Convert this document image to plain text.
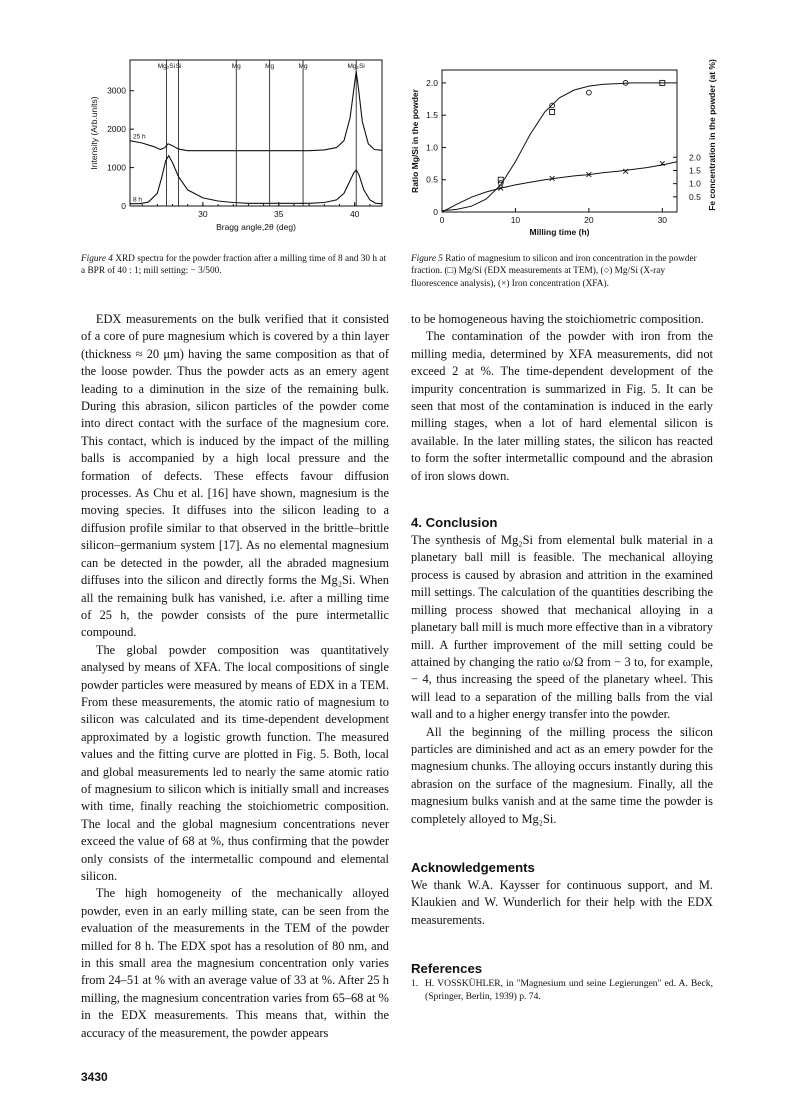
Mg₂Si Si	Mg	Mg	Mg	Mg₂Si
30	35	40
0
1000
2000
3000
25 h
8 h
Bragg angle,2θ (deg)
Intensity (Arb.units)
Figure 4 XRD spectra for the powder fraction after a milling time of 8 and 30 h at a BPR of 40 : 1; mill setting: − 3/500.
0	10	20	30
0
0.5
1.0
1.5
2.0
0.5
1.0
1.5
2.0
Milling time (h)
Ratio Mg/Si in the powder	Fe concentration in the powder (at %)
Figure 5 Ratio of magnesium to silicon and iron concentration in the powder fraction. (□) Mg/Si (EDX measurements at TEM), (○) Mg/Si (X-ray fluorescence analysis), (×) Iron concentration (XFA).

EDX measurements on the bulk verified that it consisted of a core of pure magnesium which is covered by a thin layer (thickness ≈ 20 μm) having the same composition as that of the loose powder. Thus the powder acts as an emery agent leading to a diminution in the size of the remaining bulk. During this abrasion, silicon particles of the powder come into direct contact with the surface of the magnesium core. This contact, which is induced by the impact of the milling balls is accompanied by a high local pressure and the formation of defects. These effects favour diffusion processes. As Chu et al. [16] have shown, magnesium is the moving species. It diffuses into the silicon leading to a diffusion profile similar to that observed in the brittle–brittle silicon–germanium system [17]. As no elemental magnesium can be detected in the powder, all the abraded magnesium diffuses into the silicon and directly forms the Mg₂Si. When all the remaining bulk has vanished, i.e. after a milling time of 25 h, the powder consists of the pure intermetallic compound.

The global powder composition was quantitatively analysed by means of XFA. The local compositions of single powder particles were measured by means of EDX in a TEM. From these measurements, the atomic ratio of magnesium to silicon was calculated and its time-dependent development approximated by a logistic growth function. The measured values and the fitting curve are plotted in Fig. 5. Both, local and global measurements led to nearly the same atomic ratio of magnesium to silicon which is initially small and increases with time, finally reaching the stoichiometric composition. The local and the global magnesium concentrations never exceed the value of 68 at %, thus confirming that the powder only consists of the intermetallic compound and elemental silicon.

The high homogeneity of the mechanically alloyed powder, even in an early milling state, can be seen from the evaluation of the measurements in the TEM of the powder milled for 8 h. The EDX spot has a resolution of 80 nm, and in this small area the magnesium concentration only varies from 24–51 at % with an average value of 33 at %. After 25 h milling, the magnesium concentration varies from 65–68 at % in the EDX measurements. This means that, within the accuracy of the measurement, the powder appears

to be homogeneous having the stoichiometric composition.

The contamination of the powder with iron from the milling media, determined by XFA measurements, did not exceed 2 at %. The time-dependent development of the impurity concentration is summarized in Fig. 5. It can be seen that most of the contamination is induced in the early milling stages, when a lot of hard elemental silicon is available. In the later milling states, the silicon has reacted to form the softer intermetallic compound and the abrasion of iron slows down.

4. Conclusion

The synthesis of Mg₂Si from elemental bulk material in a planetary ball mill is feasible. The mechanical alloying process is caused by abrasion and attrition in the examined mill settings. The calculation of the quantities describing the milling process showed that mechanical alloying in a planetary ball mill is much more effective than in a vibratory mill. A further improvement of the mill setting could be attained by changing the ratio ω/Ω from − 3 to, for example, − 4, thus increasing the speed of the planetary wheel. This will lead to a separation of the milling balls from the vial wall and to a higher energy transfer into the powder.

All the beginning of the milling process the silicon particles are diminished and act as an emery powder for the magnesium chunks. The alloying occurs instantly during this abrasion on the surface of the magnesium. Finally, all the magnesium bulks vanish and at the same time the powder is completely alloyed to Mg₂Si.

Acknowledgements

We thank W.A. Kaysser for continuous support, and M. Klaukien and W. Wunderlich for their help with the EDX measurements.

References
1. H. VOSSKÜHLER, in "Magnesium und seine Legierungen" ed. A. Beck, (Springer, Berlin, 1939) p. 74.
3430
